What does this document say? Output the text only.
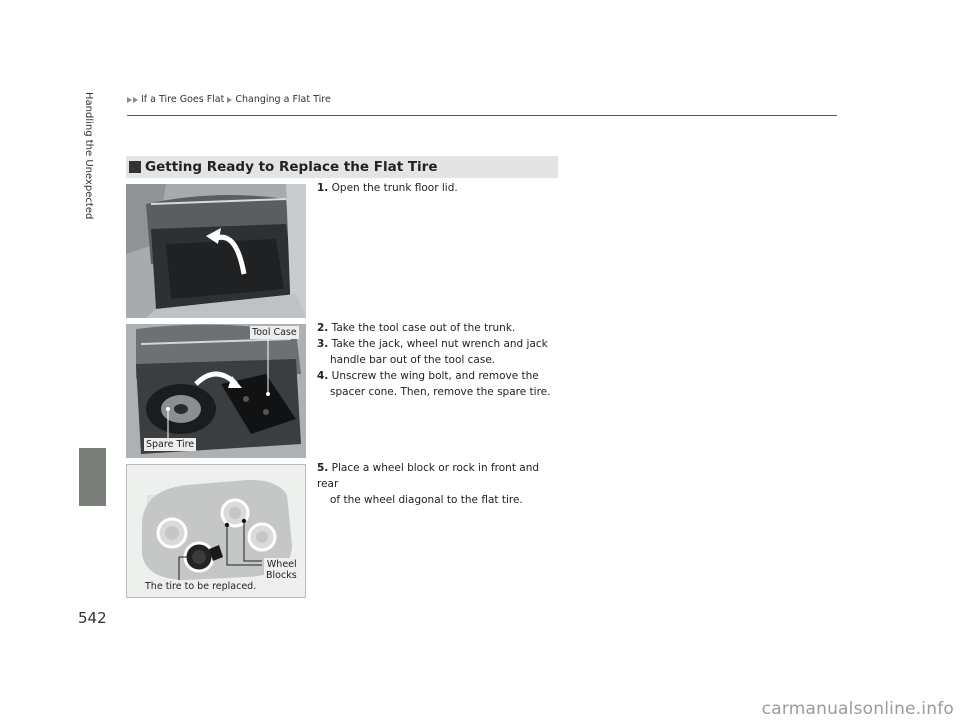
If a Tire Goes Flat Changing a Flat Tire
Handling the Unexpected
542
Getting Ready to Replace the Flat Tire
1. Open the trunk floor lid.
Tool Case
Spare Tire
2. Take the tool case out of the trunk.
3. Take the jack, wheel nut wrench and jack
handle bar out of the tool case.
4. Unscrew the wing bolt, and remove the
spacer cone. Then, remove the spare tire.
Wheel
Blocks
The tire to be replaced.
5. Place a wheel block or rock in front and rear
of the wheel diagonal to the flat tire.
carmanualsonline.info
